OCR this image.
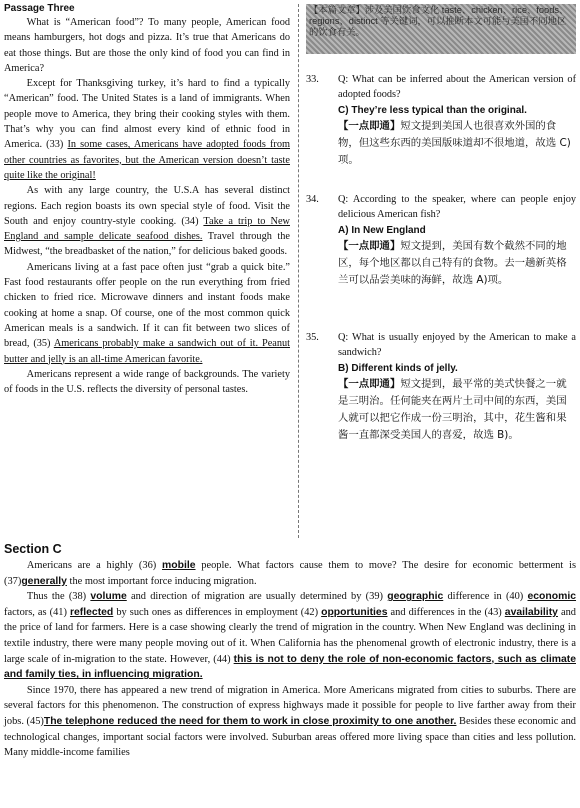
Passage Three

What is “American food”? To many people, American food means hamburgers, hot dogs and pizza. It’s true that Americans do eat those things. But are those the only kind of food you can find in America?

Except for Thanksgiving turkey, it’s hard to find a typically “American” food. The United States is a land of immigrants. When people move to America, they bring their cooking styles with them. That’s why you can find almost every kind of ethnic food in America. (33) In some cases, Americans have adopted foods from other countries as favorites, but the American version doesn’t taste quite like the original!

As with any large country, the U.S.A has several distinct regions. Each region boasts its own special style of food. Visit the South and enjoy country-style cooking. (34) Take a trip to New England and sample delicate seafood dishes. Travel through the Midwest, “the breadbasket of the nation,” for delicious baked goods.

Americans living at a fast pace often just “grab a quick bite.” Fast food restaurants offer people on the run everything from fried chicken to fried rice. Microwave dinners and instant foods make cooking at home a snap. Of course, one of the most common quick American meals is a sandwich. If it can fit between two slices of bread, (35) Americans probably make a sandwich out of it. Peanut butter and jelly is an all-time American favorite.

Americans represent a wide range of backgrounds. The variety of foods in the U.S. reflects the diversity of personal tastes.

【本篇文章】涉及美国饮食文化 taste、chicken、rice、foods、regions、distinct 等关键词，可以推断本文可能与美国不同地区的饮食有关。
33.	Q: What can be inferred about the American version of adopted foods?
C) They’re less typical than the original.
【一点即通】短文提到美国人也很喜欢外国的食物，但这些东西的美国版味道却不很地道，故选 C)项。
34.	Q: According to the speaker, where can people enjoy delicious American fish?
A) In New England
【一点即通】短文提到，美国有数个截然不同的地区，每个地区都以自己特有的食物。去一趟新英格兰可以品尝美味的海鲜，故选 A)项。
35.	Q: What is usually enjoyed by the American to make a sandwich?
B) Different kinds of jelly.
【一点即通】短文提到，最平常的美式快餐之一就是三明治。任何能夹在两片土司中间的东西，美国人就可以把它作成一份三明治，其中，花生酱和果酱一直都深受美国人的喜爱，故选 B)。
Section C

Americans are a highly (36) mobile people. What factors cause them to move? The desire for economic betterment is (37)generally the most important force inducing migration.

Thus the (38) volume and direction of migration are usually determined by (39) geographic difference in (40) economic factors, as (41) reflected by such ones as differences in employment (42) opportunities and differences in the (43) availability and the price of land for farmers. Here is a case showing clearly the trend of migration in the country. When New England was declining in textile industry, there were many people moving out of it. When California has the phenomenal growth of electronic industry, there is a large scale of in-migration to the state. However, (44) this is not to deny the role of non-economic factors, such as climate and family ties, in influencing migration.

Since 1970, there has appeared a new trend of migration in America. More Americans migrated from cities to suburbs. There are several factors for this phenomenon. The construction of express highways made it possible for people to live farther away from their jobs. (45)The telephone reduced the need for them to work in close proximity to one another. Besides these economic and technological changes, important social factors were involved. Suburban areas offered more living space than cities and less pollution. Many middle-income families
